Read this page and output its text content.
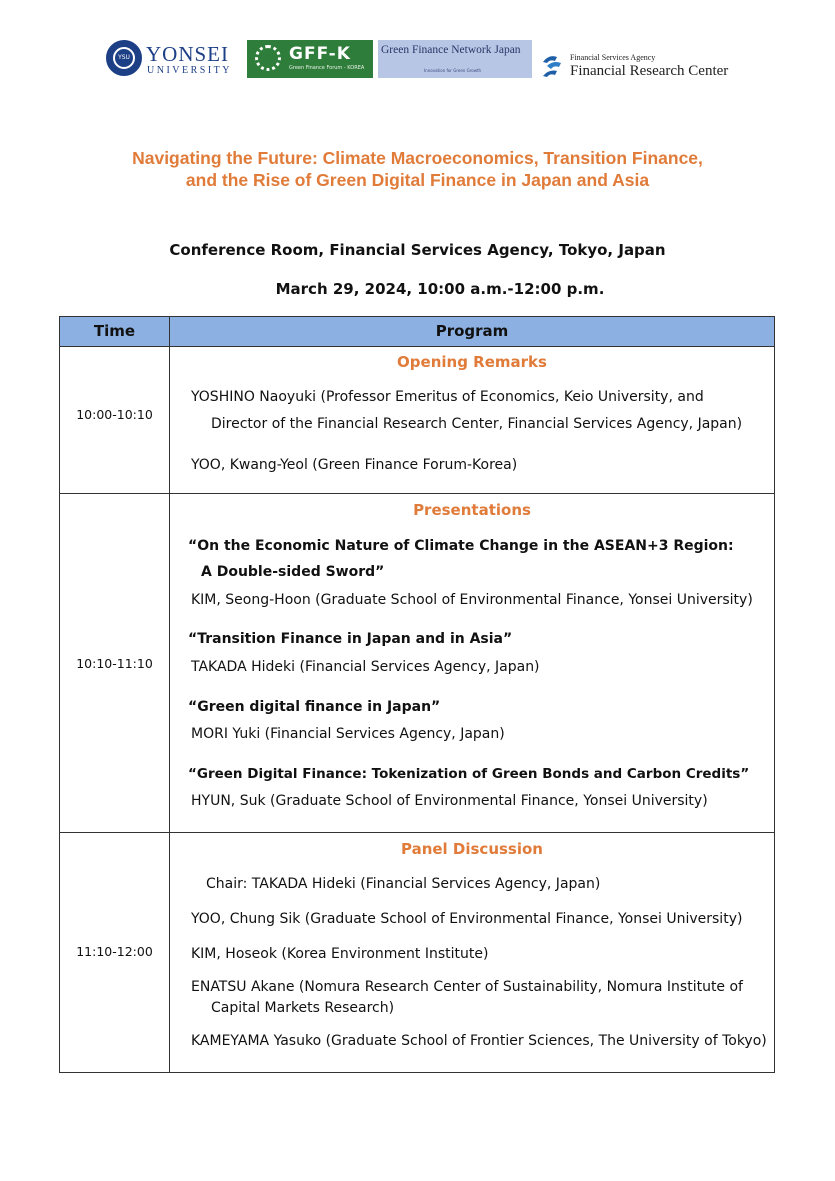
YSU YONSEI
UNIVERSITY
GFF-K
Green Finance Forum - KOREA
Green Finance Network Japan
Innovation for Green Growth
Financial Services Agency
Financial Research Center
Navigating the Future: Climate Macroeconomics, Transition Finance,
and the Rise of Green Digital Finance in Japan and Asia
Conference Room, Financial Services Agency, Tokyo, Japan
March 29, 2024, 10:00 a.m.-12:00 p.m.
Time	Program
10:00-10:10
Opening Remarks
YOSHINO Naoyuki (Professor Emeritus of Economics, Keio University, and
Director of the Financial Research Center, Financial Services Agency, Japan)
YOO, Kwang-Yeol (Green Finance Forum-Korea)
10:10-11:10
Presentations
“On the Economic Nature of Climate Change in the ASEAN+3 Region:
A Double-sided Sword”
KIM, Seong-Hoon (Graduate School of Environmental Finance, Yonsei University)
“Transition Finance in Japan and in Asia”
TAKADA Hideki (Financial Services Agency, Japan)
“Green digital finance in Japan”
MORI Yuki (Financial Services Agency, Japan)
“Green Digital Finance: Tokenization of Green Bonds and Carbon Credits”
HYUN, Suk (Graduate School of Environmental Finance, Yonsei University)
11:10-12:00
Panel Discussion
Chair: TAKADA Hideki (Financial Services Agency, Japan)
YOO, Chung Sik (Graduate School of Environmental Finance, Yonsei University)
KIM, Hoseok (Korea Environment Institute)
ENATSU Akane (Nomura Research Center of Sustainability, Nomura Institute of
Capital Markets Research)
KAMEYAMA Yasuko (Graduate School of Frontier Sciences, The University of Tokyo)
